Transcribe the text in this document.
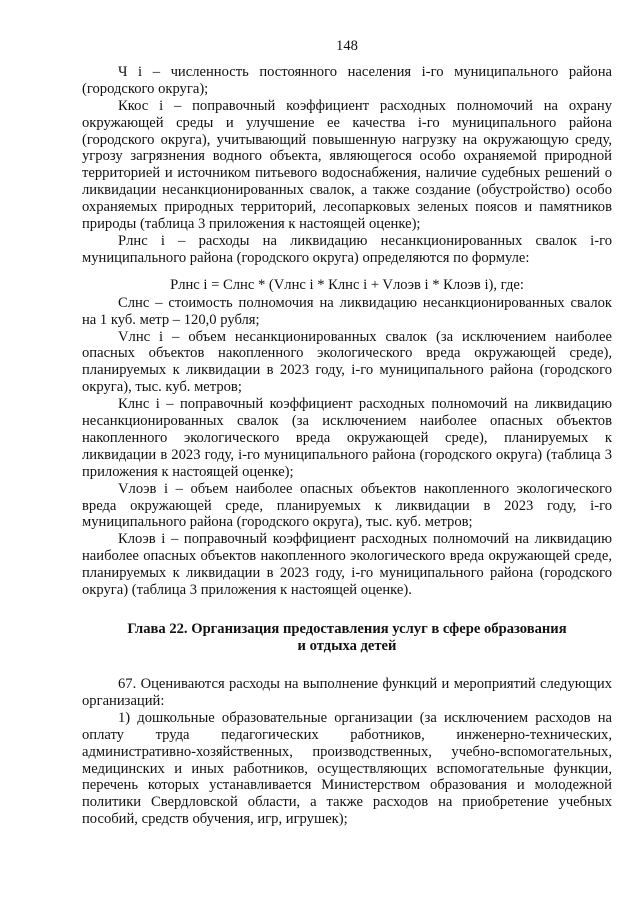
148

Ч i – численность постоянного населения i-го муниципального района (городского округа);

Ккос i – поправочный коэффициент расходных полномочий на охрану окружающей среды и улучшение ее качества i-го муниципального района (городского округа), учитывающий повышенную нагрузку на окружающую среду, угрозу загрязнения водного объекта, являющегося особо охраняемой природной территорией и источником питьевого водоснабжения, наличие судебных решений о ликвидации несанкционированных свалок, а также создание (обустройство) особо охраняемых природных территорий, лесопарковых зеленых поясов и памятников природы (таблица 3 приложения к настоящей оценке);

Рлнс i – расходы на ликвидацию несанкционированных свалок i-го муниципального района (городского округа) определяются по формуле:

Рлнс i = Слнс * (Vлнс i * Клнс i + Vлоэв i * Клоэв i), где:

Слнс – стоимость полномочия на ликвидацию несанкционированных свалок на 1 куб. метр – 120,0 рубля;

Vлнс i – объем несанкционированных свалок (за исключением наиболее опасных объектов накопленного экологического вреда окружающей среде), планируемых к ликвидации в 2023 году, i-го муниципального района (городского округа), тыс. куб. метров;

Клнс i – поправочный коэффициент расходных полномочий на ликвидацию несанкционированных свалок (за исключением наиболее опасных объектов накопленного экологического вреда окружающей среде), планируемых к ликвидации в 2023 году, i-го муниципального района (городского округа) (таблица 3 приложения к настоящей оценке);

Vлоэв i – объем наиболее опасных объектов накопленного экологического вреда окружающей среде, планируемых к ликвидации в 2023 году, i-го муниципального района (городского округа), тыс. куб. метров;

Клоэв i – поправочный коэффициент расходных полномочий на ликвидацию наиболее опасных объектов накопленного экологического вреда окружающей среде, планируемых к ликвидации в 2023 году, i-го муниципального района (городского округа) (таблица 3 приложения к настоящей оценке).

Глава 22. Организация предоставления услуг в сфере образования
и отдыха детей

67. Оцениваются расходы на выполнение функций и мероприятий следующих организаций:

1) дошкольные образовательные организации (за исключением расходов на оплату труда педагогических работников, инженерно-технических, административно-хозяйственных, производственных, учебно-вспомогательных, медицинских и иных работников, осуществляющих вспомогательные функции, перечень которых устанавливается Министерством образования и молодежной политики Свердловской области, а также расходов на приобретение учебных пособий, средств обучения, игр, игрушек);
